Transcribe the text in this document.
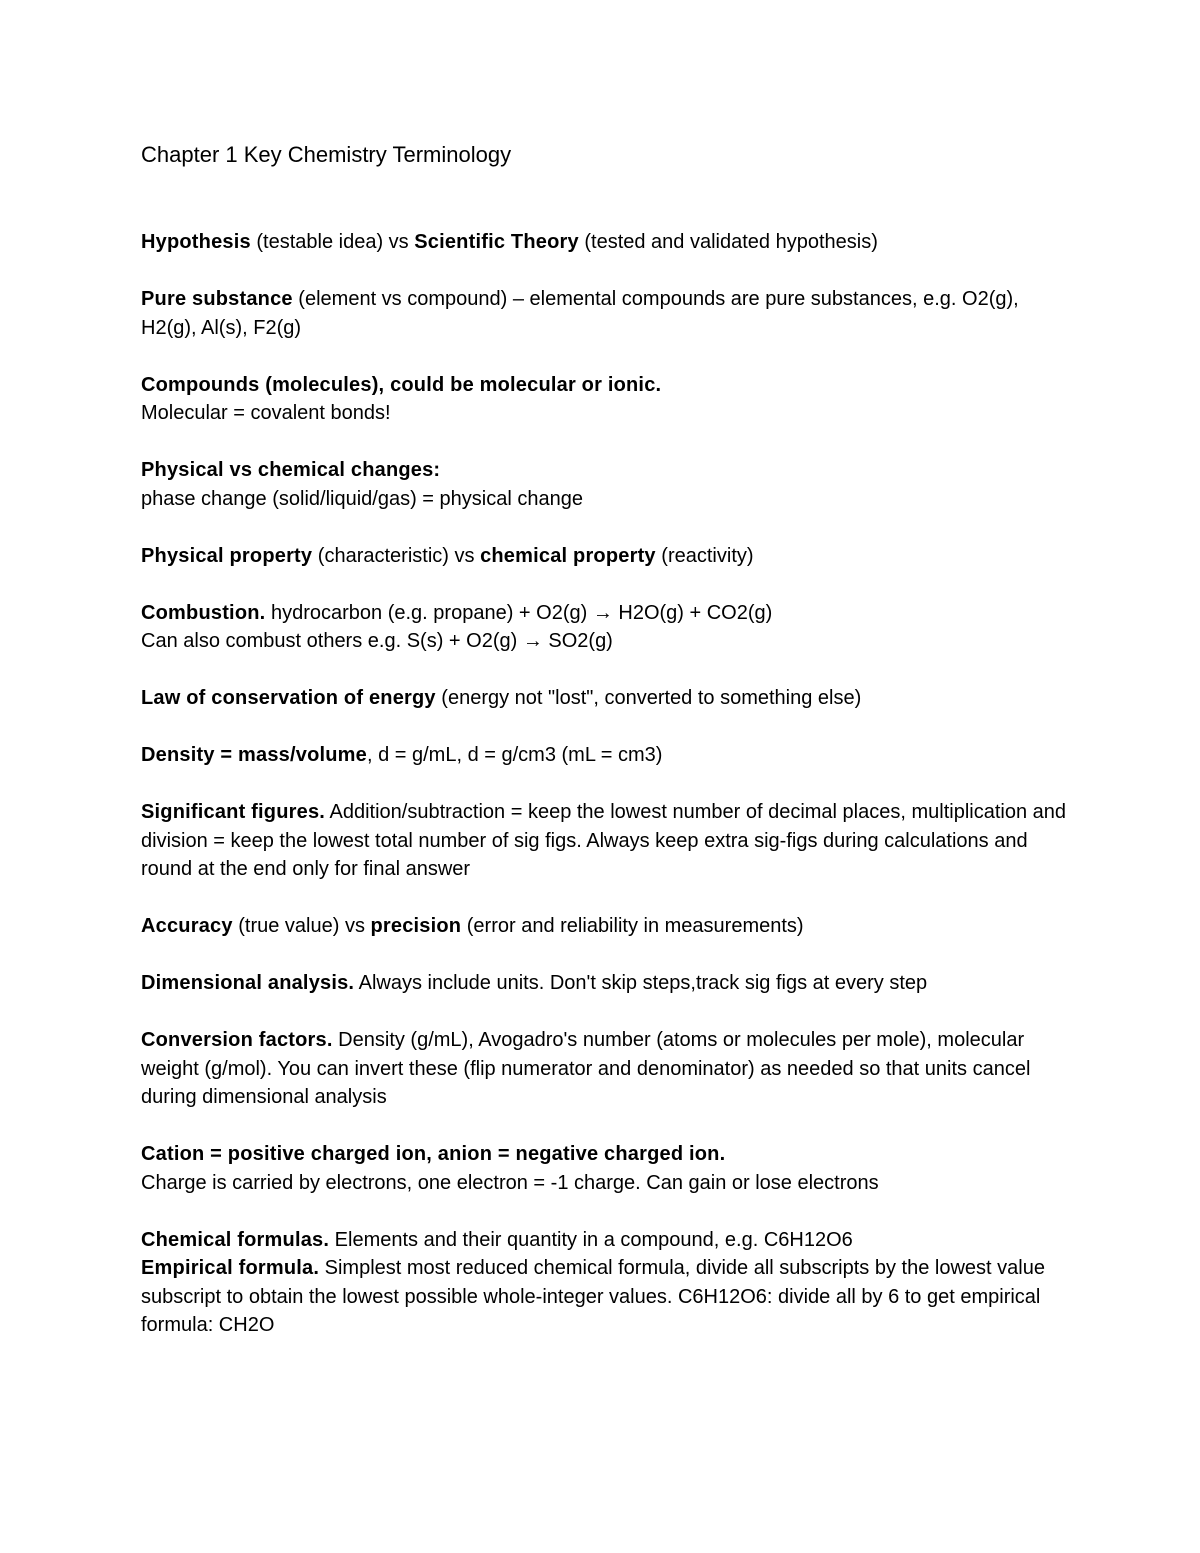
Chapter 1 Key Chemistry Terminology
Hypothesis (testable idea) vs Scientific Theory (tested and validated hypothesis)
Pure substance (element vs compound) – elemental compounds are pure substances, e.g. O2(g), H2(g), Al(s), F2(g)
Compounds (molecules), could be molecular or ionic.
Molecular = covalent bonds!
Physical vs chemical changes:
phase change (solid/liquid/gas) = physical change
Physical property (characteristic) vs chemical property (reactivity)
Combustion. hydrocarbon (e.g. propane) + O2(g) → H2O(g) + CO2(g)
Can also combust others e.g. S(s) + O2(g) → SO2(g)
Law of conservation of energy (energy not "lost", converted to something else)
Density = mass/volume, d = g/mL, d = g/cm3 (mL = cm3)
Significant figures. Addition/subtraction = keep the lowest number of decimal places, multiplication and division = keep the lowest total number of sig figs. Always keep extra sig-figs during calculations and round at the end only for final answer
Accuracy (true value) vs precision (error and reliability in measurements)
Dimensional analysis. Always include units. Don't skip steps,track sig figs at every step
Conversion factors. Density (g/mL), Avogadro's number (atoms or molecules per mole), molecular weight (g/mol). You can invert these (flip numerator and denominator) as needed so that units cancel during dimensional analysis
Cation = positive charged ion, anion = negative charged ion.
Charge is carried by electrons, one electron = -1 charge. Can gain or lose electrons
Chemical formulas. Elements and their quantity in a compound, e.g. C6H12O6
Empirical formula. Simplest most reduced chemical formula, divide all subscripts by the lowest value subscript to obtain the lowest possible whole-integer values. C6H12O6: divide all by 6 to get empirical formula: CH2O
